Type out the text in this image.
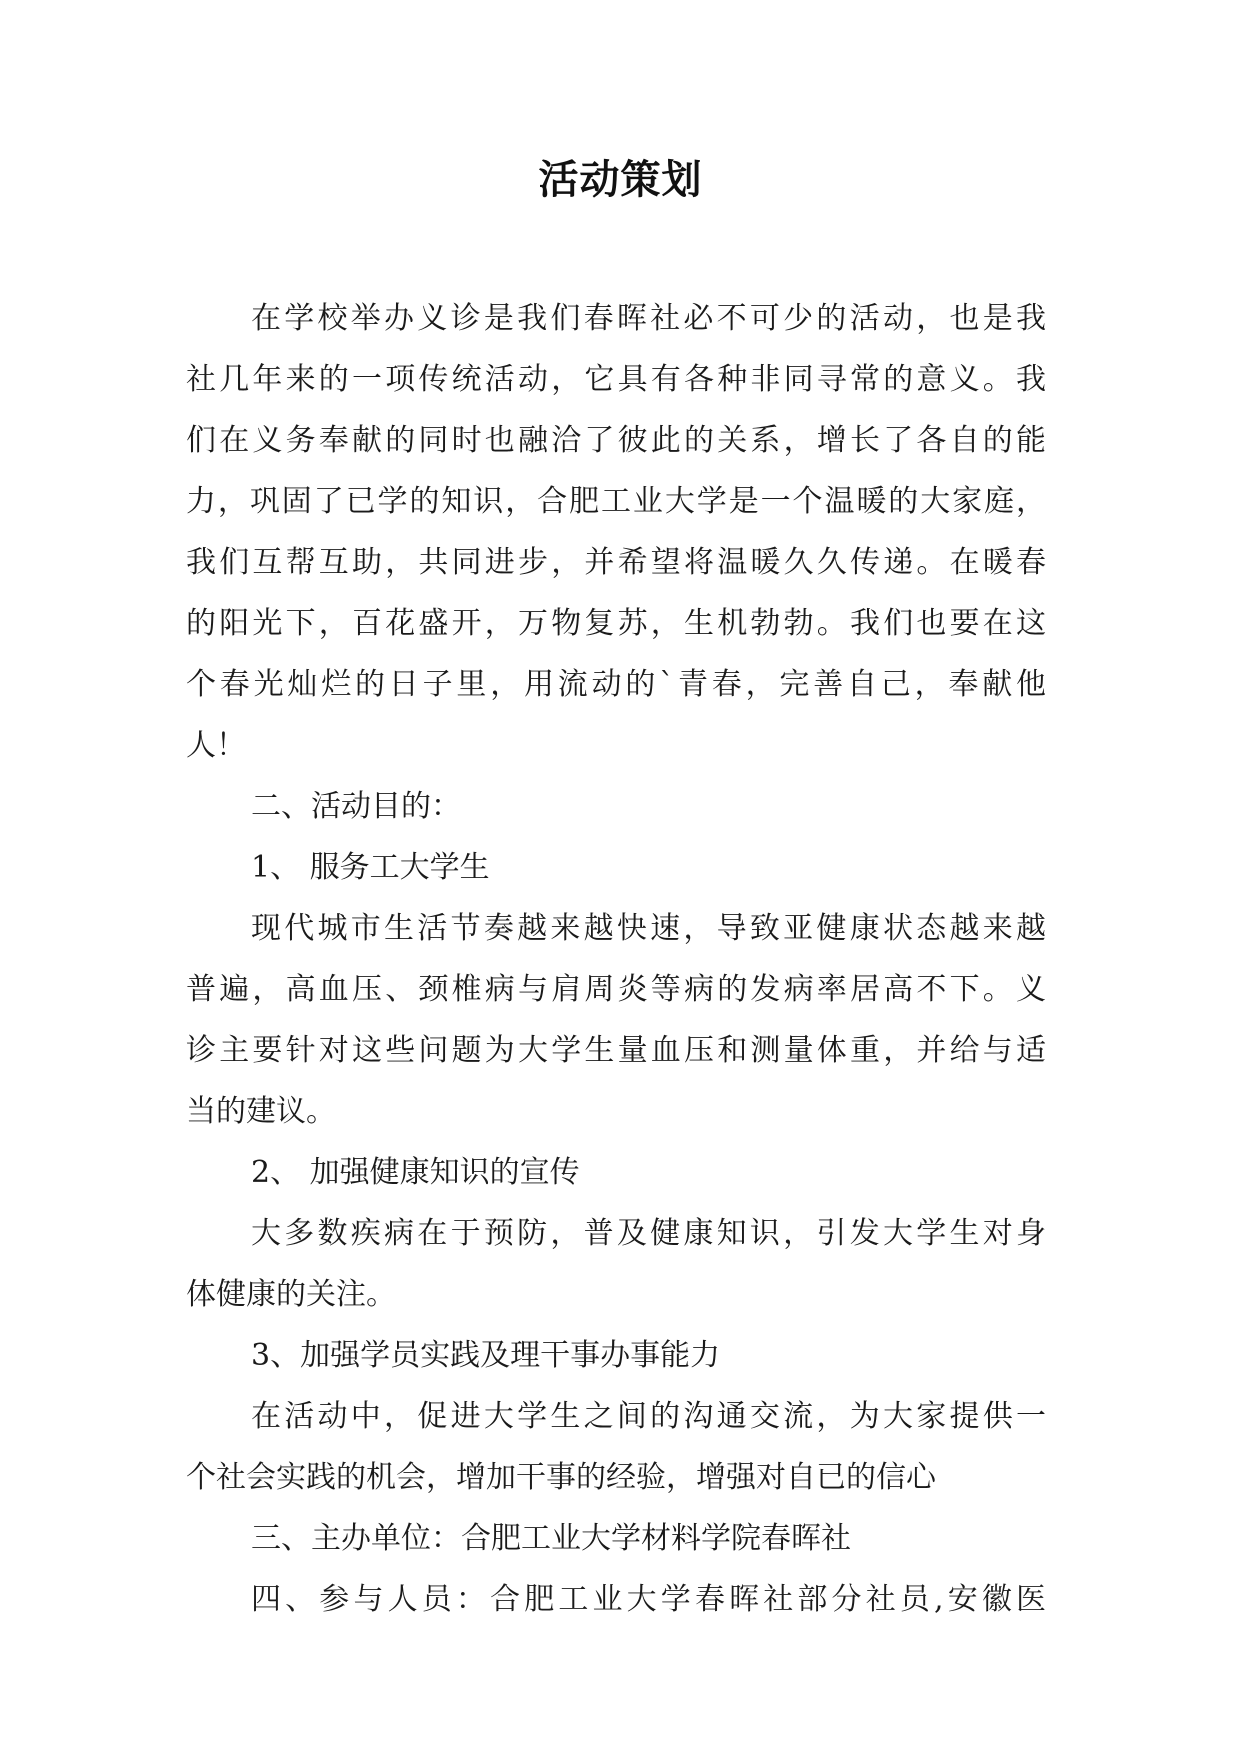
活动策划
在学校举办义诊是我们春晖社必不可少的活动，也是我
社几年来的一项传统活动，它具有各种非同寻常的意义。我
们在义务奉献的同时也融洽了彼此的关系，增长了各自的能
力，巩固了已学的知识，合肥工业大学是一个温暖的大家庭，
我们互帮互助，共同进步，并希望将温暖久久传递。在暖春
的阳光下，百花盛开，万物复苏，生机勃勃。我们也要在这
个春光灿烂的日子里，用流动的`青春，完善自己，奉献他
人！
二、活动目的：
1、 服务工大学生
现代城市生活节奏越来越快速，导致亚健康状态越来越
普遍，高血压、颈椎病与肩周炎等病的发病率居高不下。义
诊主要针对这些问题为大学生量血压和测量体重，并给与适
当的建议。
2、 加强健康知识的宣传
大多数疾病在于预防，普及健康知识，引发大学生对身
体健康的关注。
3、加强学员实践及理干事办事能力
在活动中，促进大学生之间的沟通交流，为大家提供一
个社会实践的机会，增加干事的经验，增强对自已的信心
三、主办单位：合肥工业大学材料学院春晖社
四、参与人员：合肥工业大学春晖社部分社员,安徽医
